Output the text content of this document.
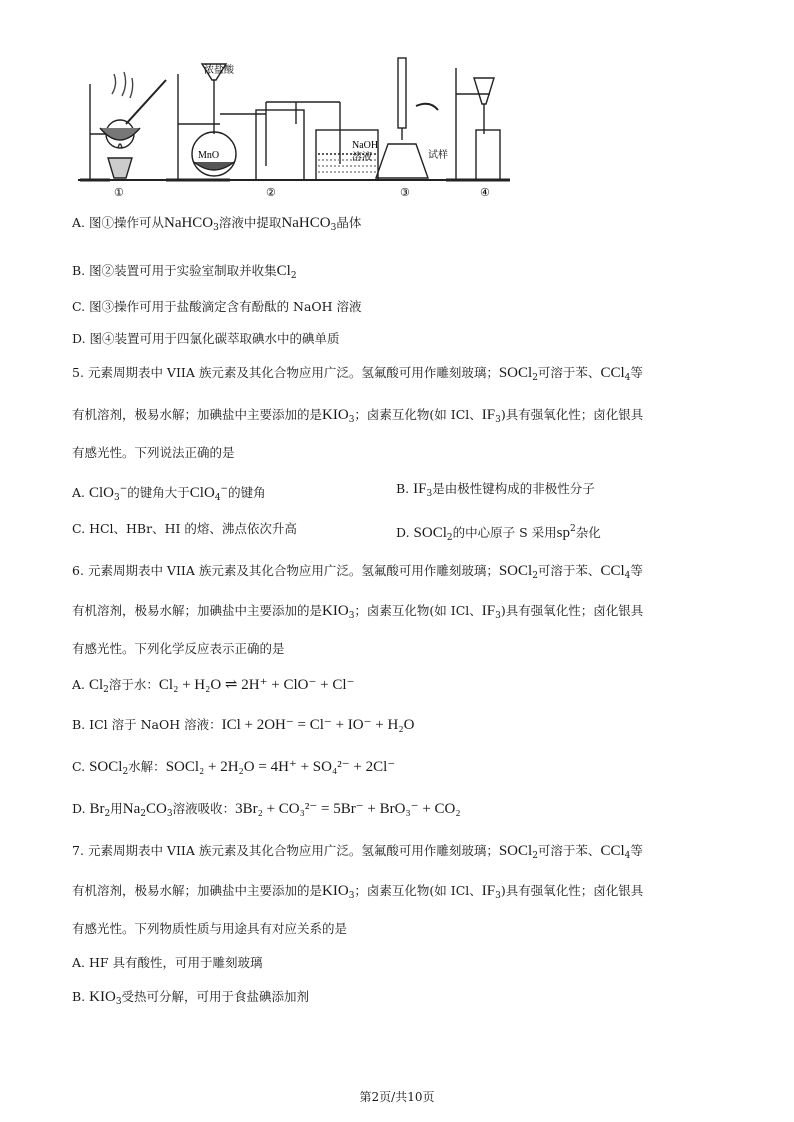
①
浓盐酸
MnO
NaOH
溶液
②
试样
③	④
A. 图①操作可从NaHCO$_3$溶液中提取NaHCO$_3$晶体
B. 图②装置可用于实验室制取并收集$Cl_2$
C. 图③操作可用于盐酸滴定含有酚酞的 NaOH 溶液
D. 图④装置可用于四氯化碳萃取碘水中的碘单质
5. 元素周期表中 VIIA 族元素及其化合物应用广泛。氢氟酸可用作雕刻玻璃；SOCl$_2$可溶于苯、CCl$_4$等
有机溶剂，极易水解；加碘盐中主要添加的是$KIO_3$；卤素互化物(如 ICl、$IF_3$)具有强氧化性；卤化银具
有感光性。下列说法正确的是
A. ClO$_3$−的键角大于ClO$_4$−的键角	B. $IF_3$是由极性键构成的非极性分子
C. HCl、HBr、HI 的熔、沸点依次升高	D. SOCl$_2$的中心原子 S 采用$sp^2$杂化
6. 元素周期表中 VIIA 族元素及其化合物应用广泛。氢氟酸可用作雕刻玻璃；SOCl$_2$可溶于苯、CCl$_4$等
有机溶剂，极易水解；加碘盐中主要添加的是$KIO_3$；卤素互化物(如 ICl、$IF_3$)具有强氧化性；卤化银具
有感光性。下列化学反应表示正确的是
A. $Cl_2$溶于水：Cl₂ + H₂O ⇌ 2H⁺ + ClO⁻ + Cl⁻
B. ICl 溶于 NaOH 溶液：ICl + 2OH⁻ = Cl⁻ + IO⁻ + H₂O
C. SOCl$_2$水解：SOCl₂ + 2H₂O = 4H⁺ + SO₄²⁻ + 2Cl⁻
D. $Br_2$用$Na_2CO_3$溶液吸收：3Br₂ + CO₃²⁻ = 5Br⁻ + BrO₃⁻ + CO₂
7. 元素周期表中 VIIA 族元素及其化合物应用广泛。氢氟酸可用作雕刻玻璃；SOCl$_2$可溶于苯、CCl$_4$等
有机溶剂，极易水解；加碘盐中主要添加的是$KIO_3$；卤素互化物(如 ICl、$IF_3$)具有强氧化性；卤化银具
有感光性。下列物质性质与用途具有对应关系的是
A. HF 具有酸性，可用于雕刻玻璃
B. $KIO_3$受热可分解，可用于食盐碘添加剂
第2页/共10页
